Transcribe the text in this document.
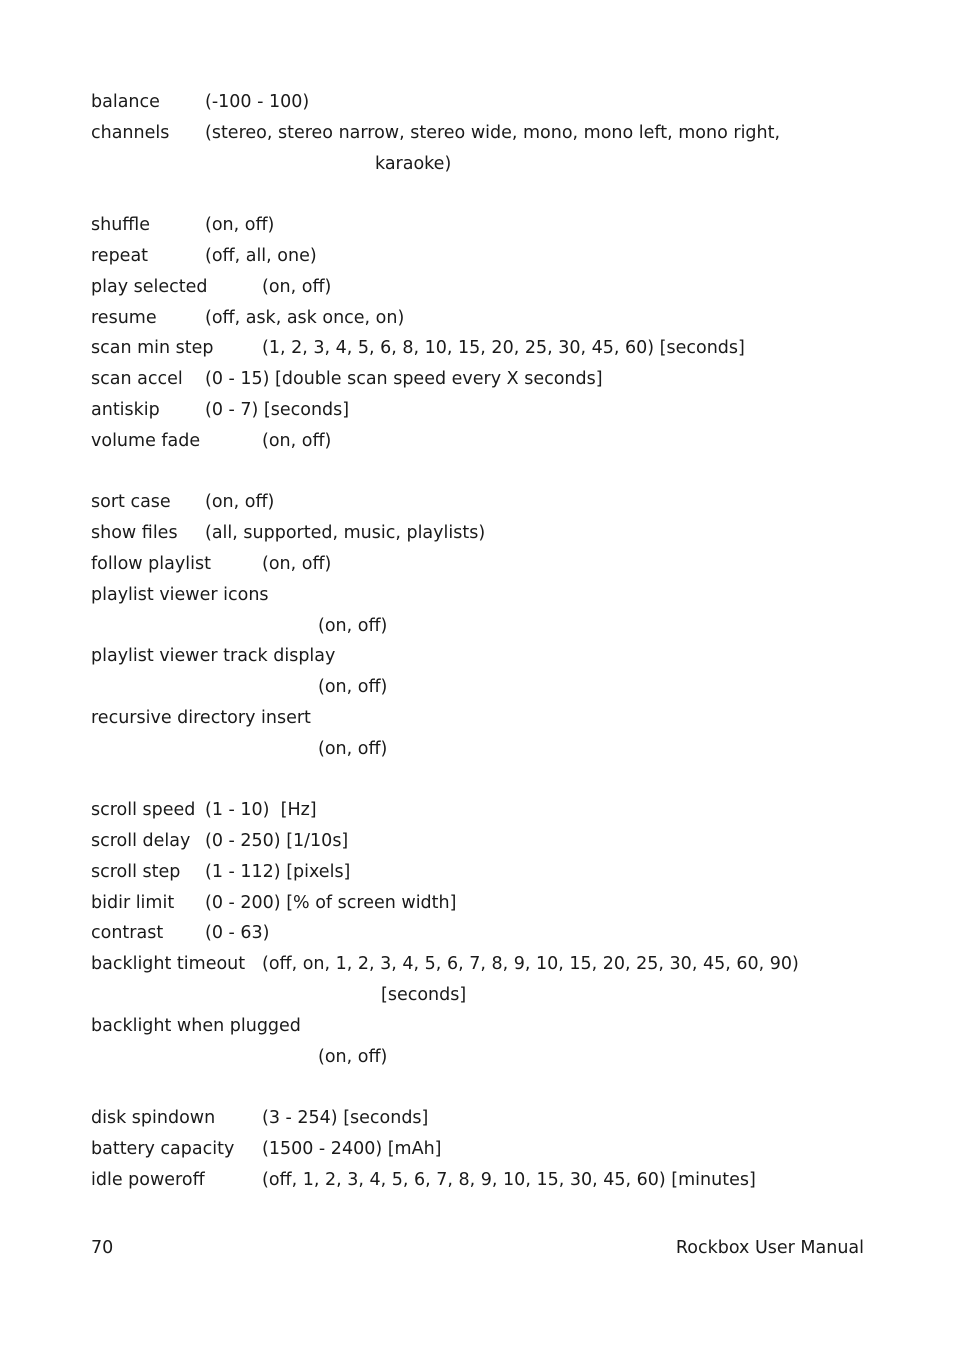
balance	(-100 - 100)
channels (stereo, stereo narrow, stereo wide, mono, mono left, mono right,
karaoke)
shuffle	(on, off)
repeat	(off, all, one)
play selected	(on, off)
resume	(off, ask, ask once, on)
scan min step	(1, 2, 3, 4, 5, 6, 8, 10, 15, 20, 25, 30, 45, 60) [seconds]
scan accel (0 - 15) [double scan speed every X seconds]
antiskip	(0 - 7) [seconds]
volume fade	(on, off)
sort case (on, off)
show files (all, supported, music, playlists)
follow playlist	(on, off)
playlist viewer icons
(on, off)
playlist viewer track display
(on, off)
recursive directory insert
(on, off)
scroll speed (1 - 10)  [Hz]
scroll delay (0 - 250) [1/10s]
scroll step (1 - 112) [pixels]
bidir limit (0 - 200) [% of screen width]
contrast (0 - 63)
backlight timeout (off, on, 1, 2, 3, 4, 5, 6, 7, 8, 9, 10, 15, 20, 25, 30, 45, 60, 90)
[seconds]
backlight when plugged
(on, off)
disk spindown	(3 - 254) [seconds]
battery capacity (1500 - 2400) [mAh]
idle poweroff	(off, 1, 2, 3, 4, 5, 6, 7, 8, 9, 10, 15, 30, 45, 60) [minutes]
70	Rockbox User Manual
